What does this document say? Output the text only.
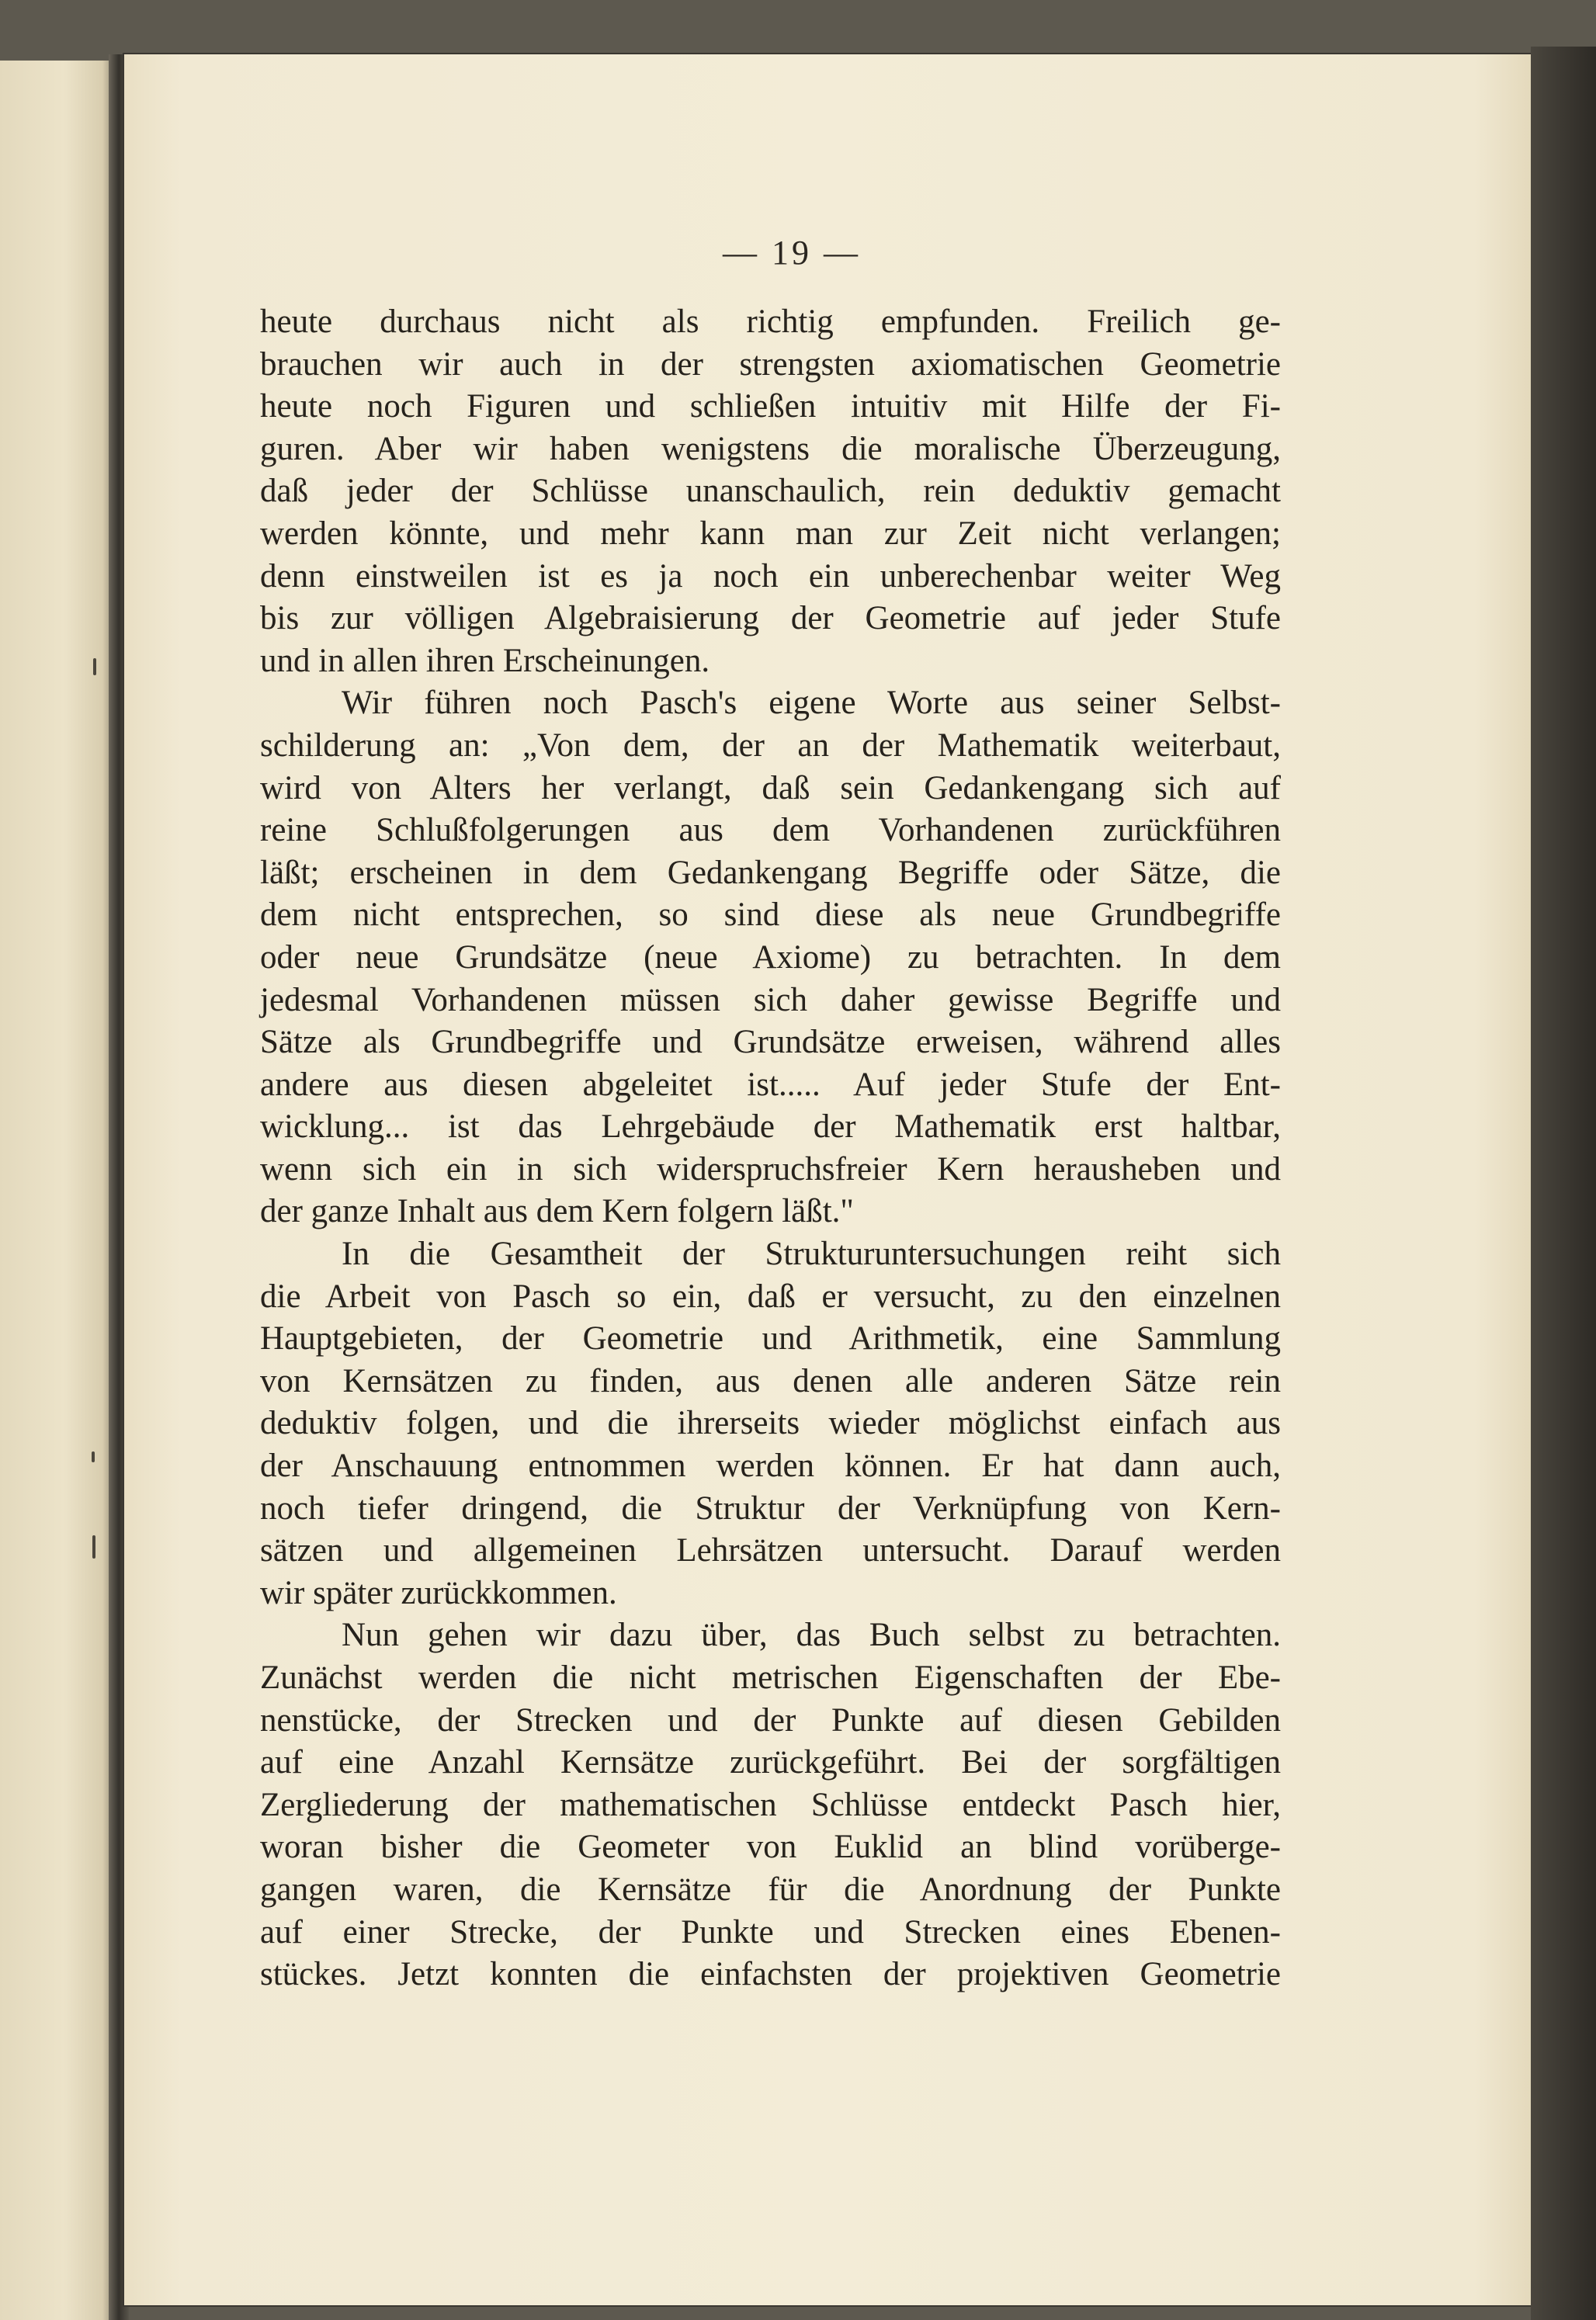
— 19 —
heute durchaus nicht als richtig empfunden. Freilich ge-
brauchen wir auch in der strengsten axiomatischen Geometrie
heute noch Figuren und schließen intuitiv mit Hilfe der Fi-
guren. Aber wir haben wenigstens die moralische Überzeugung,
daß jeder der Schlüsse unanschaulich, rein deduktiv gemacht
werden könnte, und mehr kann man zur Zeit nicht verlangen;
denn einstweilen ist es ja noch ein unberechenbar weiter Weg
bis zur völligen Algebraisierung der Geometrie auf jeder Stufe
und in allen ihren Erscheinungen.
Wir führen noch Pasch's eigene Worte aus seiner Selbst-
schilderung an: „Von dem, der an der Mathematik weiterbaut,
wird von Alters her verlangt, daß sein Gedankengang sich auf
reine Schlußfolgerungen aus dem Vorhandenen zurückführen
läßt; erscheinen in dem Gedankengang Begriffe oder Sätze, die
dem nicht entsprechen, so sind diese als neue Grundbegriffe
oder neue Grundsätze (neue Axiome) zu betrachten. In dem
jedesmal Vorhandenen müssen sich daher gewisse Begriffe und
Sätze als Grundbegriffe und Grundsätze erweisen, während alles
andere aus diesen abgeleitet ist..... Auf jeder Stufe der Ent-
wicklung... ist das Lehrgebäude der Mathematik erst haltbar,
wenn sich ein in sich widerspruchsfreier Kern herausheben und
der ganze Inhalt aus dem Kern folgern läßt."
In die Gesamtheit der Strukturuntersuchungen reiht sich
die Arbeit von Pasch so ein, daß er versucht, zu den einzelnen
Hauptgebieten, der Geometrie und Arithmetik, eine Sammlung
von Kernsätzen zu finden, aus denen alle anderen Sätze rein
deduktiv folgen, und die ihrerseits wieder möglichst einfach aus
der Anschauung entnommen werden können. Er hat dann auch,
noch tiefer dringend, die Struktur der Verknüpfung von Kern-
sätzen und allgemeinen Lehrsätzen untersucht. Darauf werden
wir später zurückkommen.
Nun gehen wir dazu über, das Buch selbst zu betrachten.
Zunächst werden die nicht metrischen Eigenschaften der Ebe-
nenstücke, der Strecken und der Punkte auf diesen Gebilden
auf eine Anzahl Kernsätze zurückgeführt. Bei der sorgfältigen
Zergliederung der mathematischen Schlüsse entdeckt Pasch hier,
woran bisher die Geometer von Euklid an blind vorüberge-
gangen waren, die Kernsätze für die Anordnung der Punkte
auf einer Strecke, der Punkte und Strecken eines Ebenen-
stückes. Jetzt konnten die einfachsten der projektiven Geometrie
